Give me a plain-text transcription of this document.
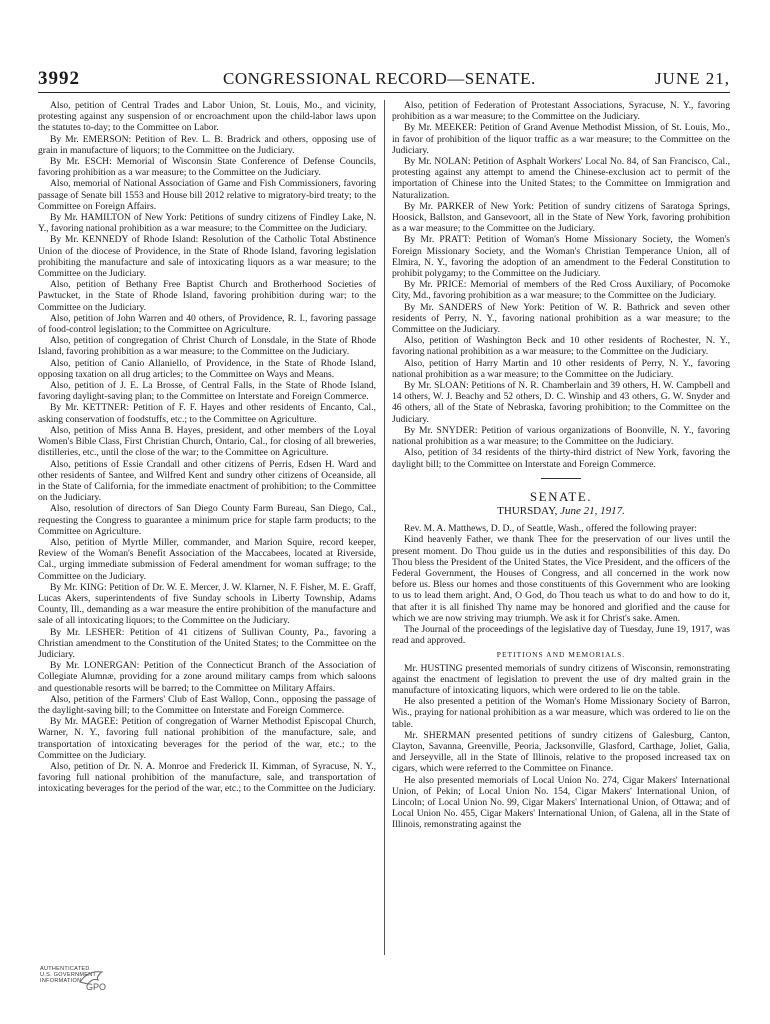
3992	CONGRESSIONAL RECORD—SENATE.	JUNE 21,

Also, petition of Central Trades and Labor Union, St. Louis, Mo., and vicinity, protesting against any suspension of or encroachment upon the child-labor laws upon the statutes to-day; to the Committee on Labor.

By Mr. EMERSON: Petition of Rev. L. B. Bradrick and others, opposing use of grain in manufacture of liquors; to the Committee on the Judiciary.

By Mr. ESCH: Memorial of Wisconsin State Conference of Defense Councils, favoring prohibition as a war measure; to the Committee on the Judiciary.

Also, memorial of National Association of Game and Fish Commissioners, favoring passage of Senate bill 1553 and House bill 2012 relative to migratory-bird treaty; to the Committee on Foreign Affairs.

By Mr. HAMILTON of New York: Petitions of sundry citizens of Findley Lake, N. Y., favoring national prohibition as a war measure; to the Committee on the Judiciary.

By Mr. KENNEDY of Rhode Island: Resolution of the Catholic Total Abstinence Union of the diocese of Providence, in the State of Rhode Island, favoring legislation prohibiting the manufacture and sale of intoxicating liquors as a war measure; to the Committee on the Judiciary.

Also, petition of Bethany Free Baptist Church and Brotherhood Societies of Pawtucket, in the State of Rhode Island, favoring prohibition during war; to the Committee on the Judiciary.

Also, petition of John Warren and 40 others, of Providence, R. I., favoring passage of food-control legislation; to the Committee on Agriculture.

Also, petition of congregation of Christ Church of Lonsdale, in the State of Rhode Island, favoring prohibition as a war measure; to the Committee on the Judiciary.

Also, petition of Canio Allaniello, of Providence, in the State of Rhode Island, opposing taxation on all drug articles; to the Committee on Ways and Means.

Also, petition of J. E. La Brosse, of Central Falls, in the State of Rhode Island, favoring daylight-saving plan; to the Committee on Interstate and Foreign Commerce.

By Mr. KETTNER: Petition of F. F. Hayes and other residents of Encanto, Cal., asking conservation of foodstuffs, etc.; to the Committee on Agriculture.

Also, petition of Miss Anna B. Hayes, president, and other members of the Loyal Women's Bible Class, First Christian Church, Ontario, Cal., for closing of all breweries, distilleries, etc., until the close of the war; to the Committee on Agriculture.

Also, petitions of Essie Crandall and other citizens of Perris, Edsen H. Ward and other residents of Santee, and Wilfred Kent and sundry other citizens of Oceanside, all in the State of California, for the immediate enactment of prohibition; to the Committee on the Judiciary.

Also, resolution of directors of San Diego County Farm Bureau, San Diego, Cal., requesting the Congress to guarantee a minimum price for staple farm products; to the Committee on Agriculture.

Also, petition of Myrtle Miller, commander, and Marion Squire, record keeper, Review of the Woman's Benefit Association of the Maccabees, located at Riverside, Cal., urging immediate submission of Federal amendment for woman suffrage; to the Committee on the Judiciary.

By Mr. KING: Petition of Dr. W. E. Mercer, J. W. Klarner, N. F. Fisher, M. E. Graff, Lucas Akers, superintendents of five Sunday schools in Liberty Township, Adams County, Ill., demanding as a war measure the entire prohibition of the manufacture and sale of all intoxicating liquors; to the Committee on the Judiciary.

By Mr. LESHER: Petition of 41 citizens of Sullivan County, Pa., favoring a Christian amendment to the Constitution of the United States; to the Committee on the Judiciary.

By Mr. LONERGAN: Petition of the Connecticut Branch of the Association of Collegiate Alumnæ, providing for a zone around military camps from which saloons and questionable resorts will be barred; to the Committee on Military Affairs.

Also, petition of the Farmers' Club of East Wallop, Conn., opposing the passage of the daylight-saving bill; to the Committee on Interstate and Foreign Commerce.

By Mr. MAGEE: Petition of congregation of Warner Methodist Episcopal Church, Warner, N. Y., favoring full national prohibition of the manufacture, sale, and transportation of intoxicating beverages for the period of the war, etc.; to the Committee on the Judiciary.

Also, petition of Dr. N. A. Monroe and Frederick II. Kimman, of Syracuse, N. Y., favoring full national prohibition of the manufacture, sale, and transportation of intoxicating beverages for the period of the war, etc.; to the Committee on the Judiciary.

Also, petition of Federation of Protestant Associations, Syracuse, N. Y., favoring prohibition as a war measure; to the Committee on the Judiciary.

By Mr. MEEKER: Petition of Grand Avenue Methodist Mission, of St. Louis, Mo., in favor of prohibition of the liquor traffic as a war measure; to the Committee on the Judiciary.

By Mr. NOLAN: Petition of Asphalt Workers' Local No. 84, of San Francisco, Cal., protesting against any attempt to amend the Chinese-exclusion act to permit of the importation of Chinese into the United States; to the Committee on Immigration and Naturalization.

By Mr. PARKER of New York: Petition of sundry citizens of Saratoga Springs, Hoosick, Ballston, and Gansevoort, all in the State of New York, favoring prohibition as a war measure; to the Committee on the Judiciary.

By Mr. PRATT: Petition of Woman's Home Missionary Society, the Women's Foreign Missionary Society, and the Woman's Christian Temperance Union, all of Elmira, N. Y., favoring the adoption of an amendment to the Federal Constitution to prohibit polygamy; to the Committee on the Judiciary.

By Mr. PRICE: Memorial of members of the Red Cross Auxiliary, of Pocomoke City, Md., favoring prohibition as a war measure; to the Committee on the Judiciary.

By Mr. SANDERS of New York: Petition of W. R. Bathrick and seven other residents of Perry, N. Y., favoring national prohibition as a war measure; to the Committee on the Judiciary.

Also, petition of Washington Beck and 10 other residents of Rochester, N. Y., favoring national prohibition as a war measure; to the Committee on the Judiciary.

Also, petition of Harry Martin and 10 other residents of Perry, N. Y., favoring national prohibition as a war measure; to the Committee on the Judiciary.

By Mr. SLOAN: Petitions of N. R. Chamberlain and 39 others, H. W. Campbell and 14 others, W. J. Beachy and 52 others, D. C. Winship and 43 others, G. W. Snyder and 46 others, all of the State of Nebraska, favoring prohibition; to the Committee on the Judiciary.

By Mr. SNYDER: Petition of various organizations of Boonville, N. Y., favoring national prohibition as a war measure; to the Committee on the Judiciary.

Also, petition of 34 residents of the thirty-third district of New York, favoring the daylight bill; to the Committee on Interstate and Foreign Commerce.

SENATE.
THURSDAY, June 21, 1917.

Rev. M. A. Matthews, D. D., of Seattle, Wash., offered the following prayer:

Kind heavenly Father, we thank Thee for the preservation of our lives until the present moment. Do Thou guide us in the duties and responsibilities of this day. Do Thou bless the President of the United States, the Vice President, and the officers of the Federal Government, the Houses of Congress, and all concerned in the work now before us. Bless our homes and those constituents of this Government who are looking to us to lead them aright. And, O God, do Thou teach us what to do and how to do it, that after it is all finished Thy name may be honored and glorified and the cause for which we are now striving may triumph. We ask it for Christ's sake. Amen.

The Journal of the proceedings of the legislative day of Tuesday, June 19, 1917, was read and approved.

PETITIONS AND MEMORIALS.

Mr. HUSTING presented memorials of sundry citizens of Wisconsin, remonstrating against the enactment of legislation to prevent the use of dry malted grain in the manufacture of intoxicating liquors, which were ordered to lie on the table.

He also presented a petition of the Woman's Home Missionary Society of Barron, Wis., praying for national prohibition as a war measure, which was ordered to lie on the table.

Mr. SHERMAN presented petitions of sundry citizens of Galesburg, Canton, Clayton, Savanna, Greenville, Peoria, Jacksonville, Glasford, Carthage, Joliet, Galia, and Jerseyville, all in the State of Illinois, relative to the proposed increased tax on cigars, which were referred to the Committee on Finance.

He also presented memorials of Local Union No. 274, Cigar Makers' International Union, of Pekin; of Local Union No. 154, Cigar Makers' International Union, of Lincoln; of Local Union No. 99, Cigar Makers' International Union, of Ottawa; and of Local Union No. 455, Cigar Makers' International Union, of Galena, all in the State of Illinois, remonstrating against the

AUTHENTICATED
U.S. GOVERNMENT
INFORMATION
GPO
